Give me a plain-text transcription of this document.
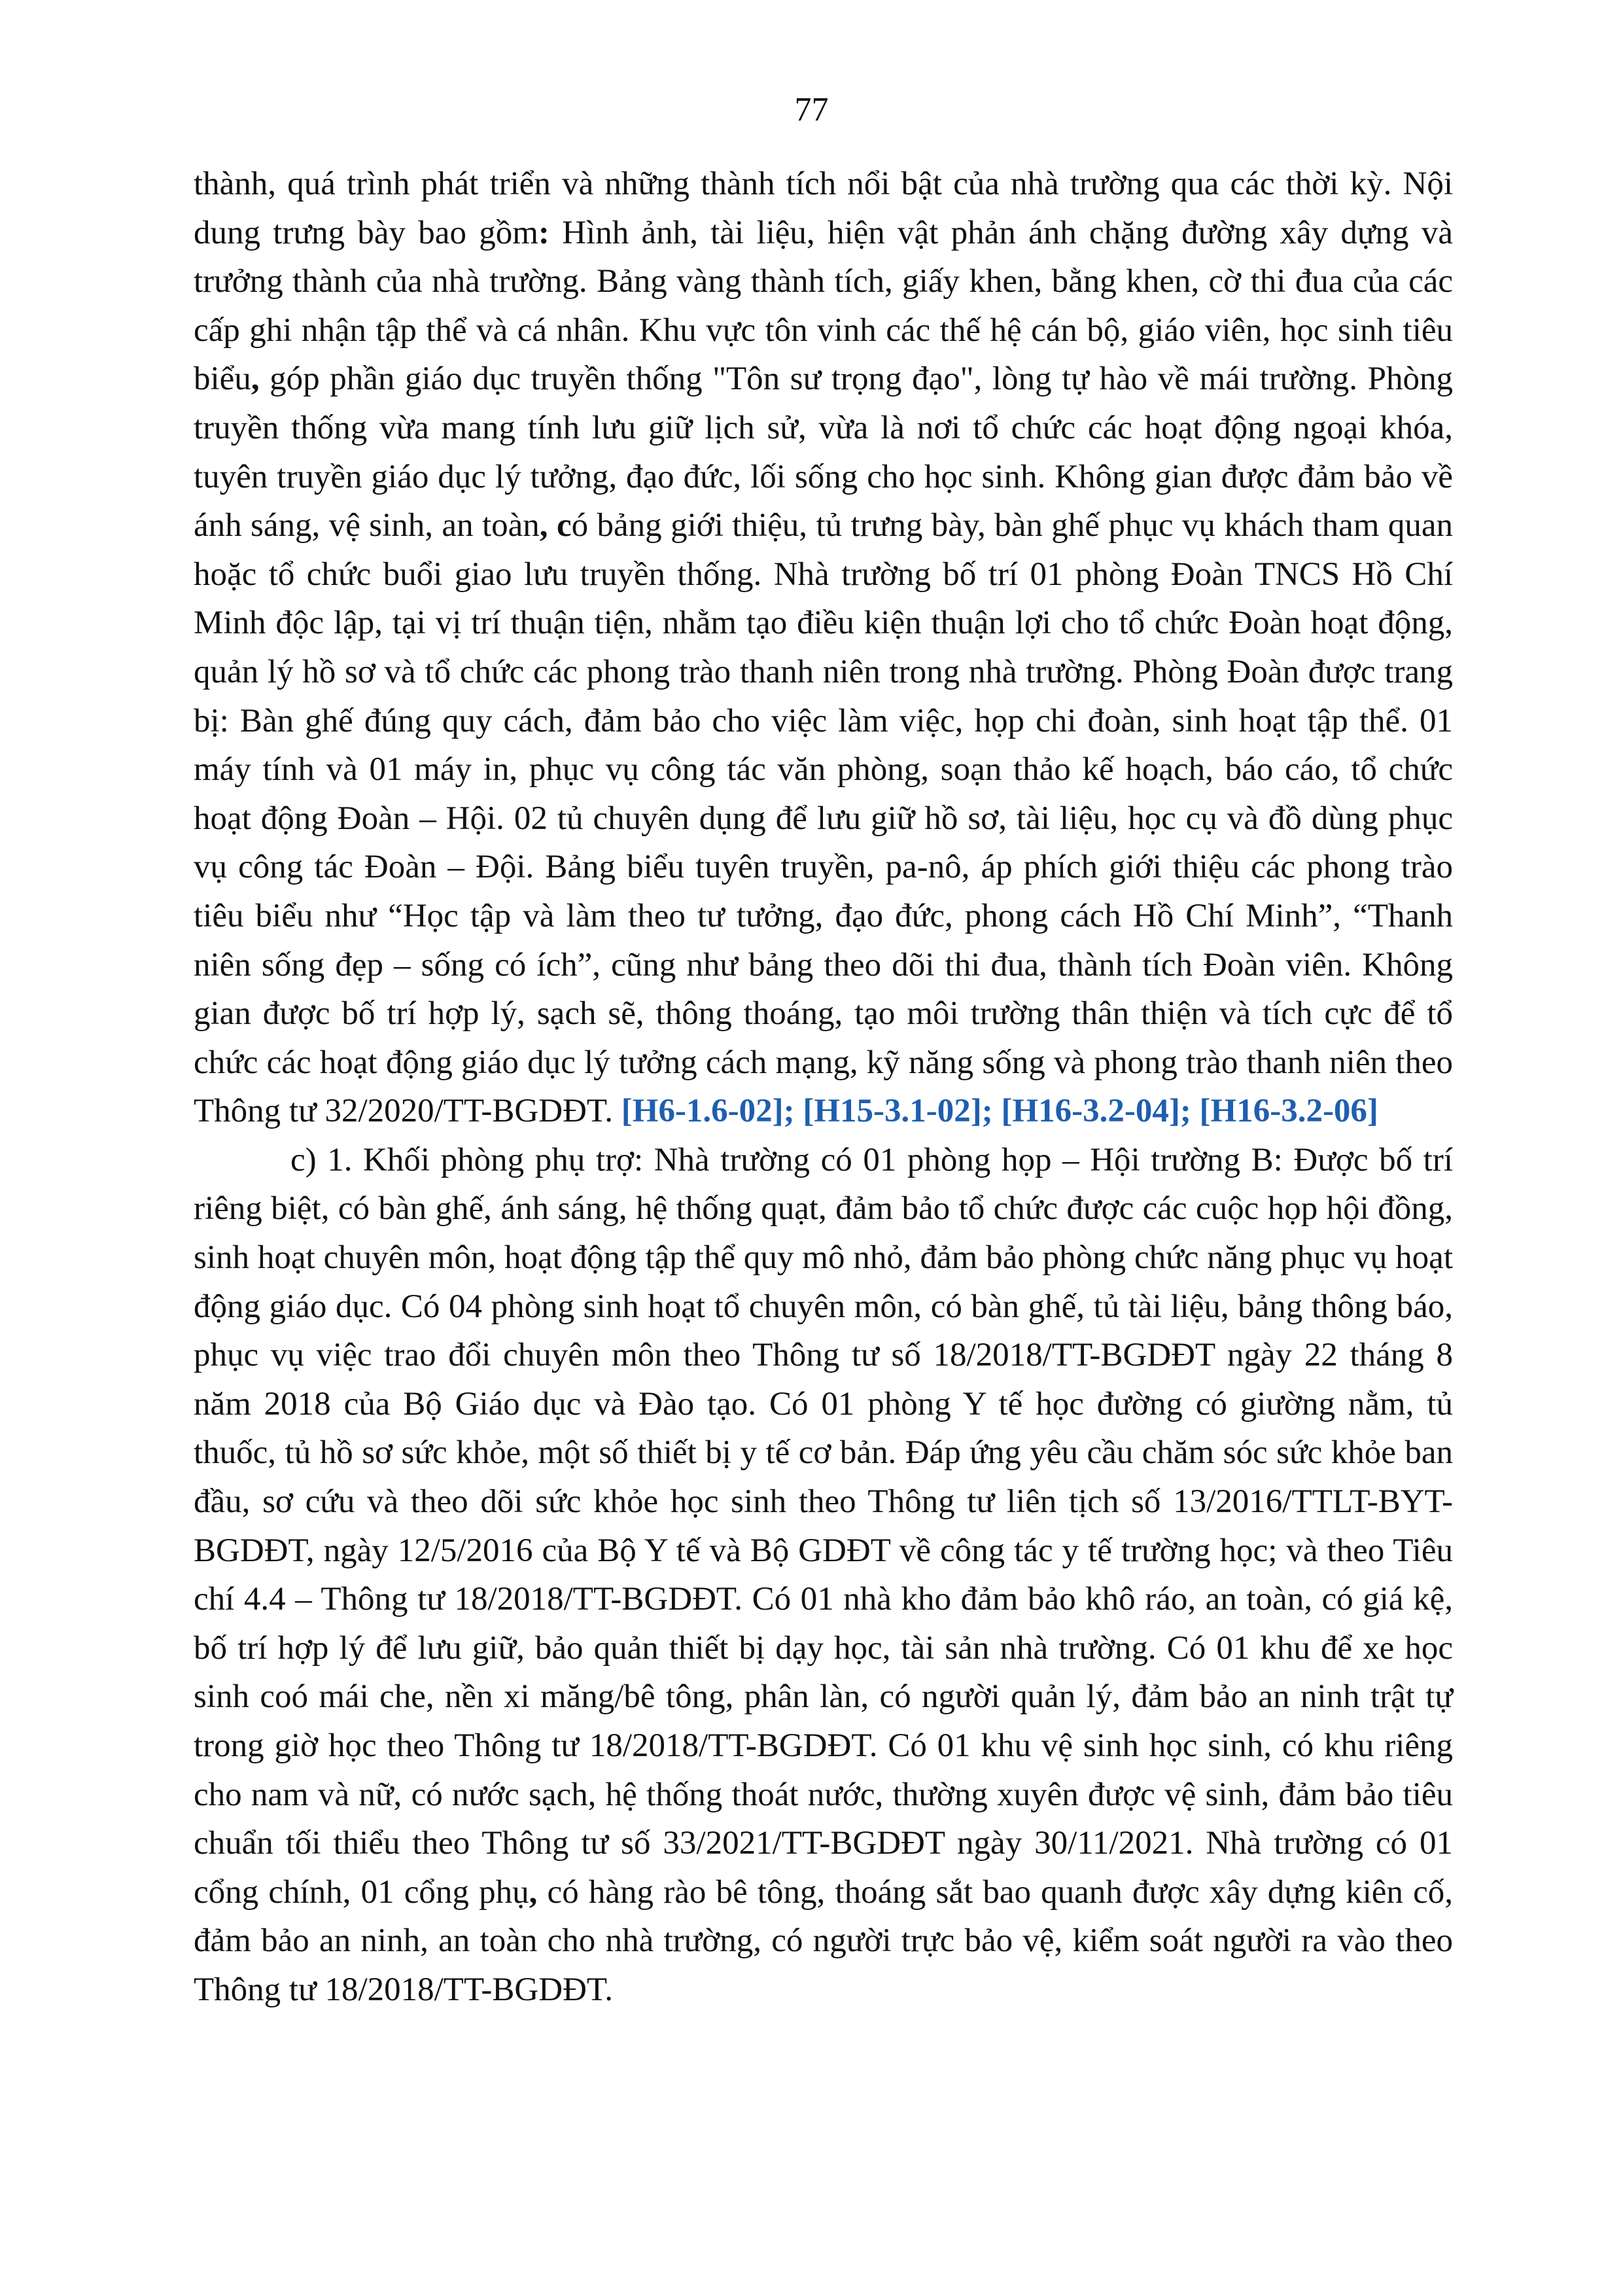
77

thành, quá trình phát triển và những thành tích nổi bật của nhà trường qua các thời kỳ. Nội dung trưng bày bao gồm: Hình ảnh, tài liệu, hiện vật phản ánh chặng đường xây dựng và trưởng thành của nhà trường. Bảng vàng thành tích, giấy khen, bằng khen, cờ thi đua của các cấp ghi nhận tập thể và cá nhân. Khu vực tôn vinh các thế hệ cán bộ, giáo viên, học sinh tiêu biểu, góp phần giáo dục truyền thống "Tôn sư trọng đạo", lòng tự hào về mái trường. Phòng truyền thống vừa mang tính lưu giữ lịch sử, vừa là nơi tổ chức các hoạt động ngoại khóa, tuyên truyền giáo dục lý tưởng, đạo đức, lối sống cho học sinh. Không gian được đảm bảo về ánh sáng, vệ sinh, an toàn, có bảng giới thiệu, tủ trưng bày, bàn ghế phục vụ khách tham quan hoặc tổ chức buổi giao lưu truyền thống. Nhà trường bố trí 01 phòng Đoàn TNCS Hồ Chí Minh độc lập, tại vị trí thuận tiện, nhằm tạo điều kiện thuận lợi cho tổ chức Đoàn hoạt động, quản lý hồ sơ và tổ chức các phong trào thanh niên trong nhà trường. Phòng Đoàn được trang bị: Bàn ghế đúng quy cách, đảm bảo cho việc làm việc, họp chi đoàn, sinh hoạt tập thể. 01 máy tính và 01 máy in, phục vụ công tác văn phòng, soạn thảo kế hoạch, báo cáo, tổ chức hoạt động Đoàn – Hội. 02 tủ chuyên dụng để lưu giữ hồ sơ, tài liệu, học cụ và đồ dùng phục vụ công tác Đoàn – Đội. Bảng biểu tuyên truyền, pa-nô, áp phích giới thiệu các phong trào tiêu biểu như “Học tập và làm theo tư tưởng, đạo đức, phong cách Hồ Chí Minh”, “Thanh niên sống đẹp – sống có ích”, cũng như bảng theo dõi thi đua, thành tích Đoàn viên. Không gian được bố trí hợp lý, sạch sẽ, thông thoáng, tạo môi trường thân thiện và tích cực để tổ chức các hoạt động giáo dục lý tưởng cách mạng, kỹ năng sống và phong trào thanh niên theo Thông tư 32/2020/TT-BGDĐT. [H6-1.6-02]; [H15-3.1-02]; [H16-3.2-04]; [H16-3.2-06]

c) 1. Khối phòng phụ trợ: Nhà trường có 01 phòng họp – Hội trường B: Được bố trí riêng biệt, có bàn ghế, ánh sáng, hệ thống quạt, đảm bảo tổ chức được các cuộc họp hội đồng, sinh hoạt chuyên môn, hoạt động tập thể quy mô nhỏ, đảm bảo phòng chức năng phục vụ hoạt động giáo dục. Có 04 phòng sinh hoạt tổ chuyên môn, có bàn ghế, tủ tài liệu, bảng thông báo, phục vụ việc trao đổi chuyên môn theo Thông tư số 18/2018/TT-BGDĐT ngày 22 tháng 8 năm 2018 của Bộ Giáo dục và Đào tạo. Có 01 phòng Y tế học đường có giường nằm, tủ thuốc, tủ hồ sơ sức khỏe, một số thiết bị y tế cơ bản. Đáp ứng yêu cầu chăm sóc sức khỏe ban đầu, sơ cứu và theo dõi sức khỏe học sinh theo Thông tư liên tịch số 13/2016/TTLT-BYT-BGDĐT, ngày 12/5/2016 của Bộ Y tế và Bộ GDĐT về công tác y tế trường học; và theo Tiêu chí 4.4 – Thông tư 18/2018/TT-BGDĐT. Có 01 nhà kho đảm bảo khô ráo, an toàn, có giá kệ, bố trí hợp lý để lưu giữ, bảo quản thiết bị dạy học, tài sản nhà trường. Có 01 khu để xe học sinh coó mái che, nền xi măng/bê tông, phân làn, có người quản lý, đảm bảo an ninh trật tự trong giờ học theo Thông tư 18/2018/TT-BGDĐT. Có 01 khu vệ sinh học sinh, có khu riêng cho nam và nữ, có nước sạch, hệ thống thoát nước, thường xuyên được vệ sinh, đảm bảo tiêu chuẩn tối thiểu theo Thông tư số 33/2021/TT-BGDĐT ngày 30/11/2021. Nhà trường có 01 cổng chính, 01 cổng phụ, có hàng rào bê tông, thoáng sắt bao quanh được xây dựng kiên cố, đảm bảo an ninh, an toàn cho nhà trường, có người trực bảo vệ, kiểm soát người ra vào theo Thông tư 18/2018/TT-BGDĐT.
